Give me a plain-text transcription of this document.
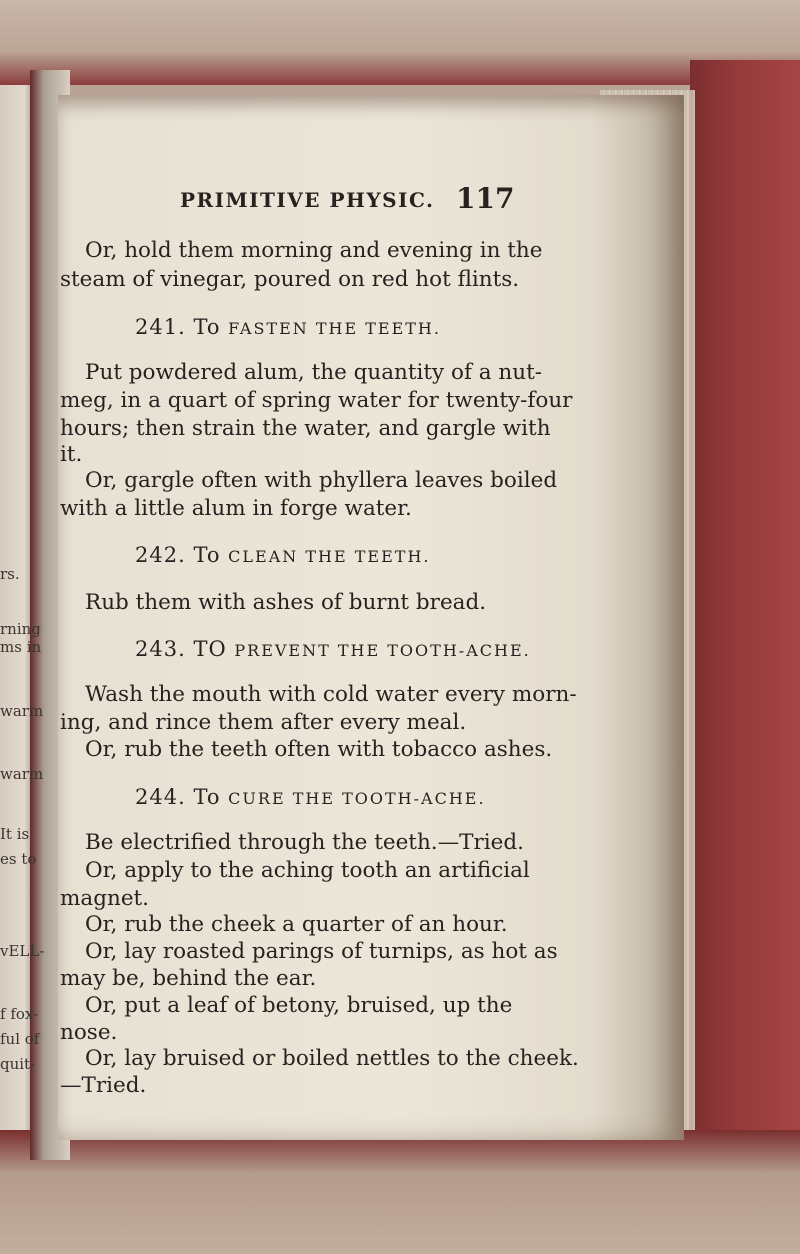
rs.
rning
ms in
warm
warm
It is
es to
vELL-
f fox-
ful of
quit-
PRIMITIVE PHYSIC. 117
Or, hold them morning and evening in the
steam of vinegar, poured on red hot flints.
241. To FASTEN THE TEETH.
Put powdered alum, the quantity of a nut-
meg, in a quart of spring water for twenty-four
hours; then strain the water, and gargle with
it.
Or, gargle often with phyllera leaves boiled
with a little alum in forge water.
242. To CLEAN THE TEETH.
Rub them with ashes of burnt bread.
243. TO PREVENT THE TOOTH-ACHE.
Wash the mouth with cold water every morn-
ing, and rince them after every meal.
Or, rub the teeth often with tobacco ashes.
244. To CURE THE TOOTH-ACHE.
Be electrified through the teeth.—Tried.
Or, apply to the aching tooth an artificial
magnet.
Or, rub the cheek a quarter of an hour.
Or, lay roasted parings of turnips, as hot as
may be, behind the ear.
Or, put a leaf of betony, bruised, up the
nose.
Or, lay bruised or boiled nettles to the cheek.
—Tried.
